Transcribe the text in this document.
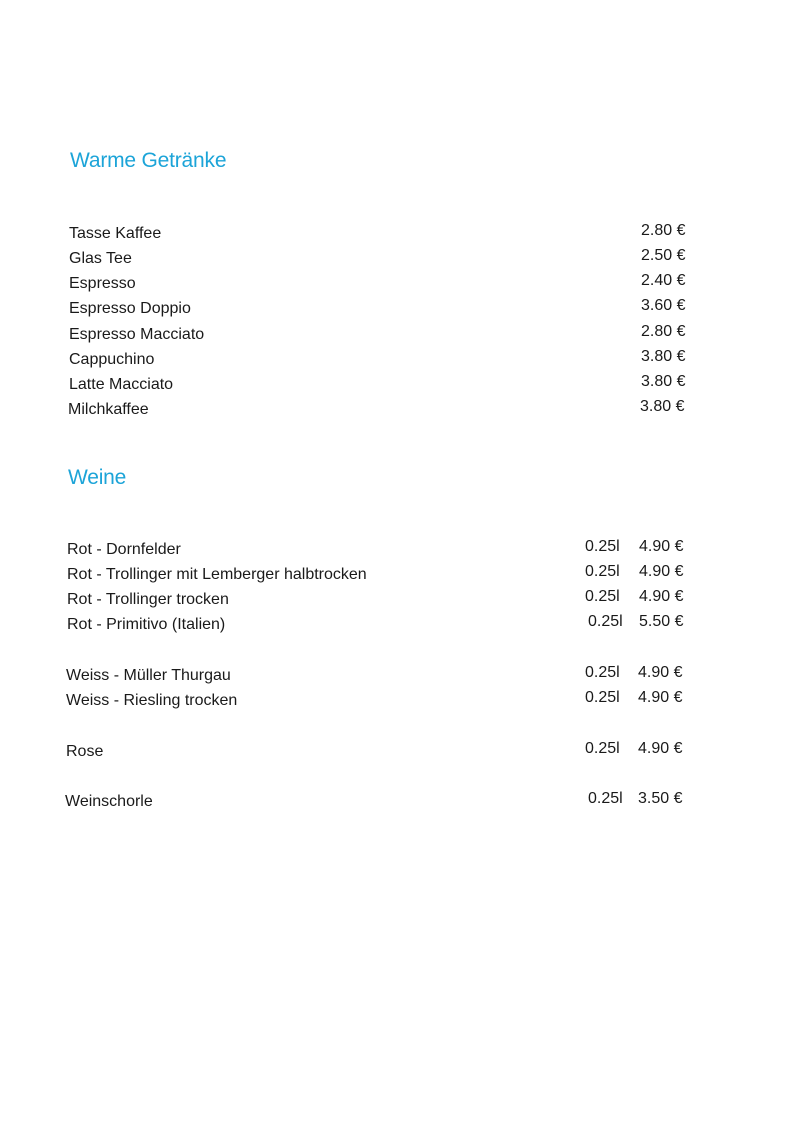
Warme Getränke
Tasse Kaffee	2.80 €
Glas Tee	2.50 €
Espresso	2.40 €
Espresso Doppio	3.60 €
Espresso Macciato	2.80 €
Cappuchino	3.80 €
Latte Macciato	3.80 €
Milchkaffee	3.80 €
Weine
Rot - Dornfelder	0.25l 4.90 €
Rot - Trollinger mit Lemberger halbtrocken	0.25l 4.90 €
Rot - Trollinger trocken	0.25l 4.90 €
Rot - Primitivo (Italien)	0.25l 5.50 €
Weiss - Müller Thurgau	0.25l 4.90 €
Weiss - Riesling trocken	0.25l 4.90 €
Rose	0.25l 4.90 €
Weinschorle	0.25l 3.50 €
